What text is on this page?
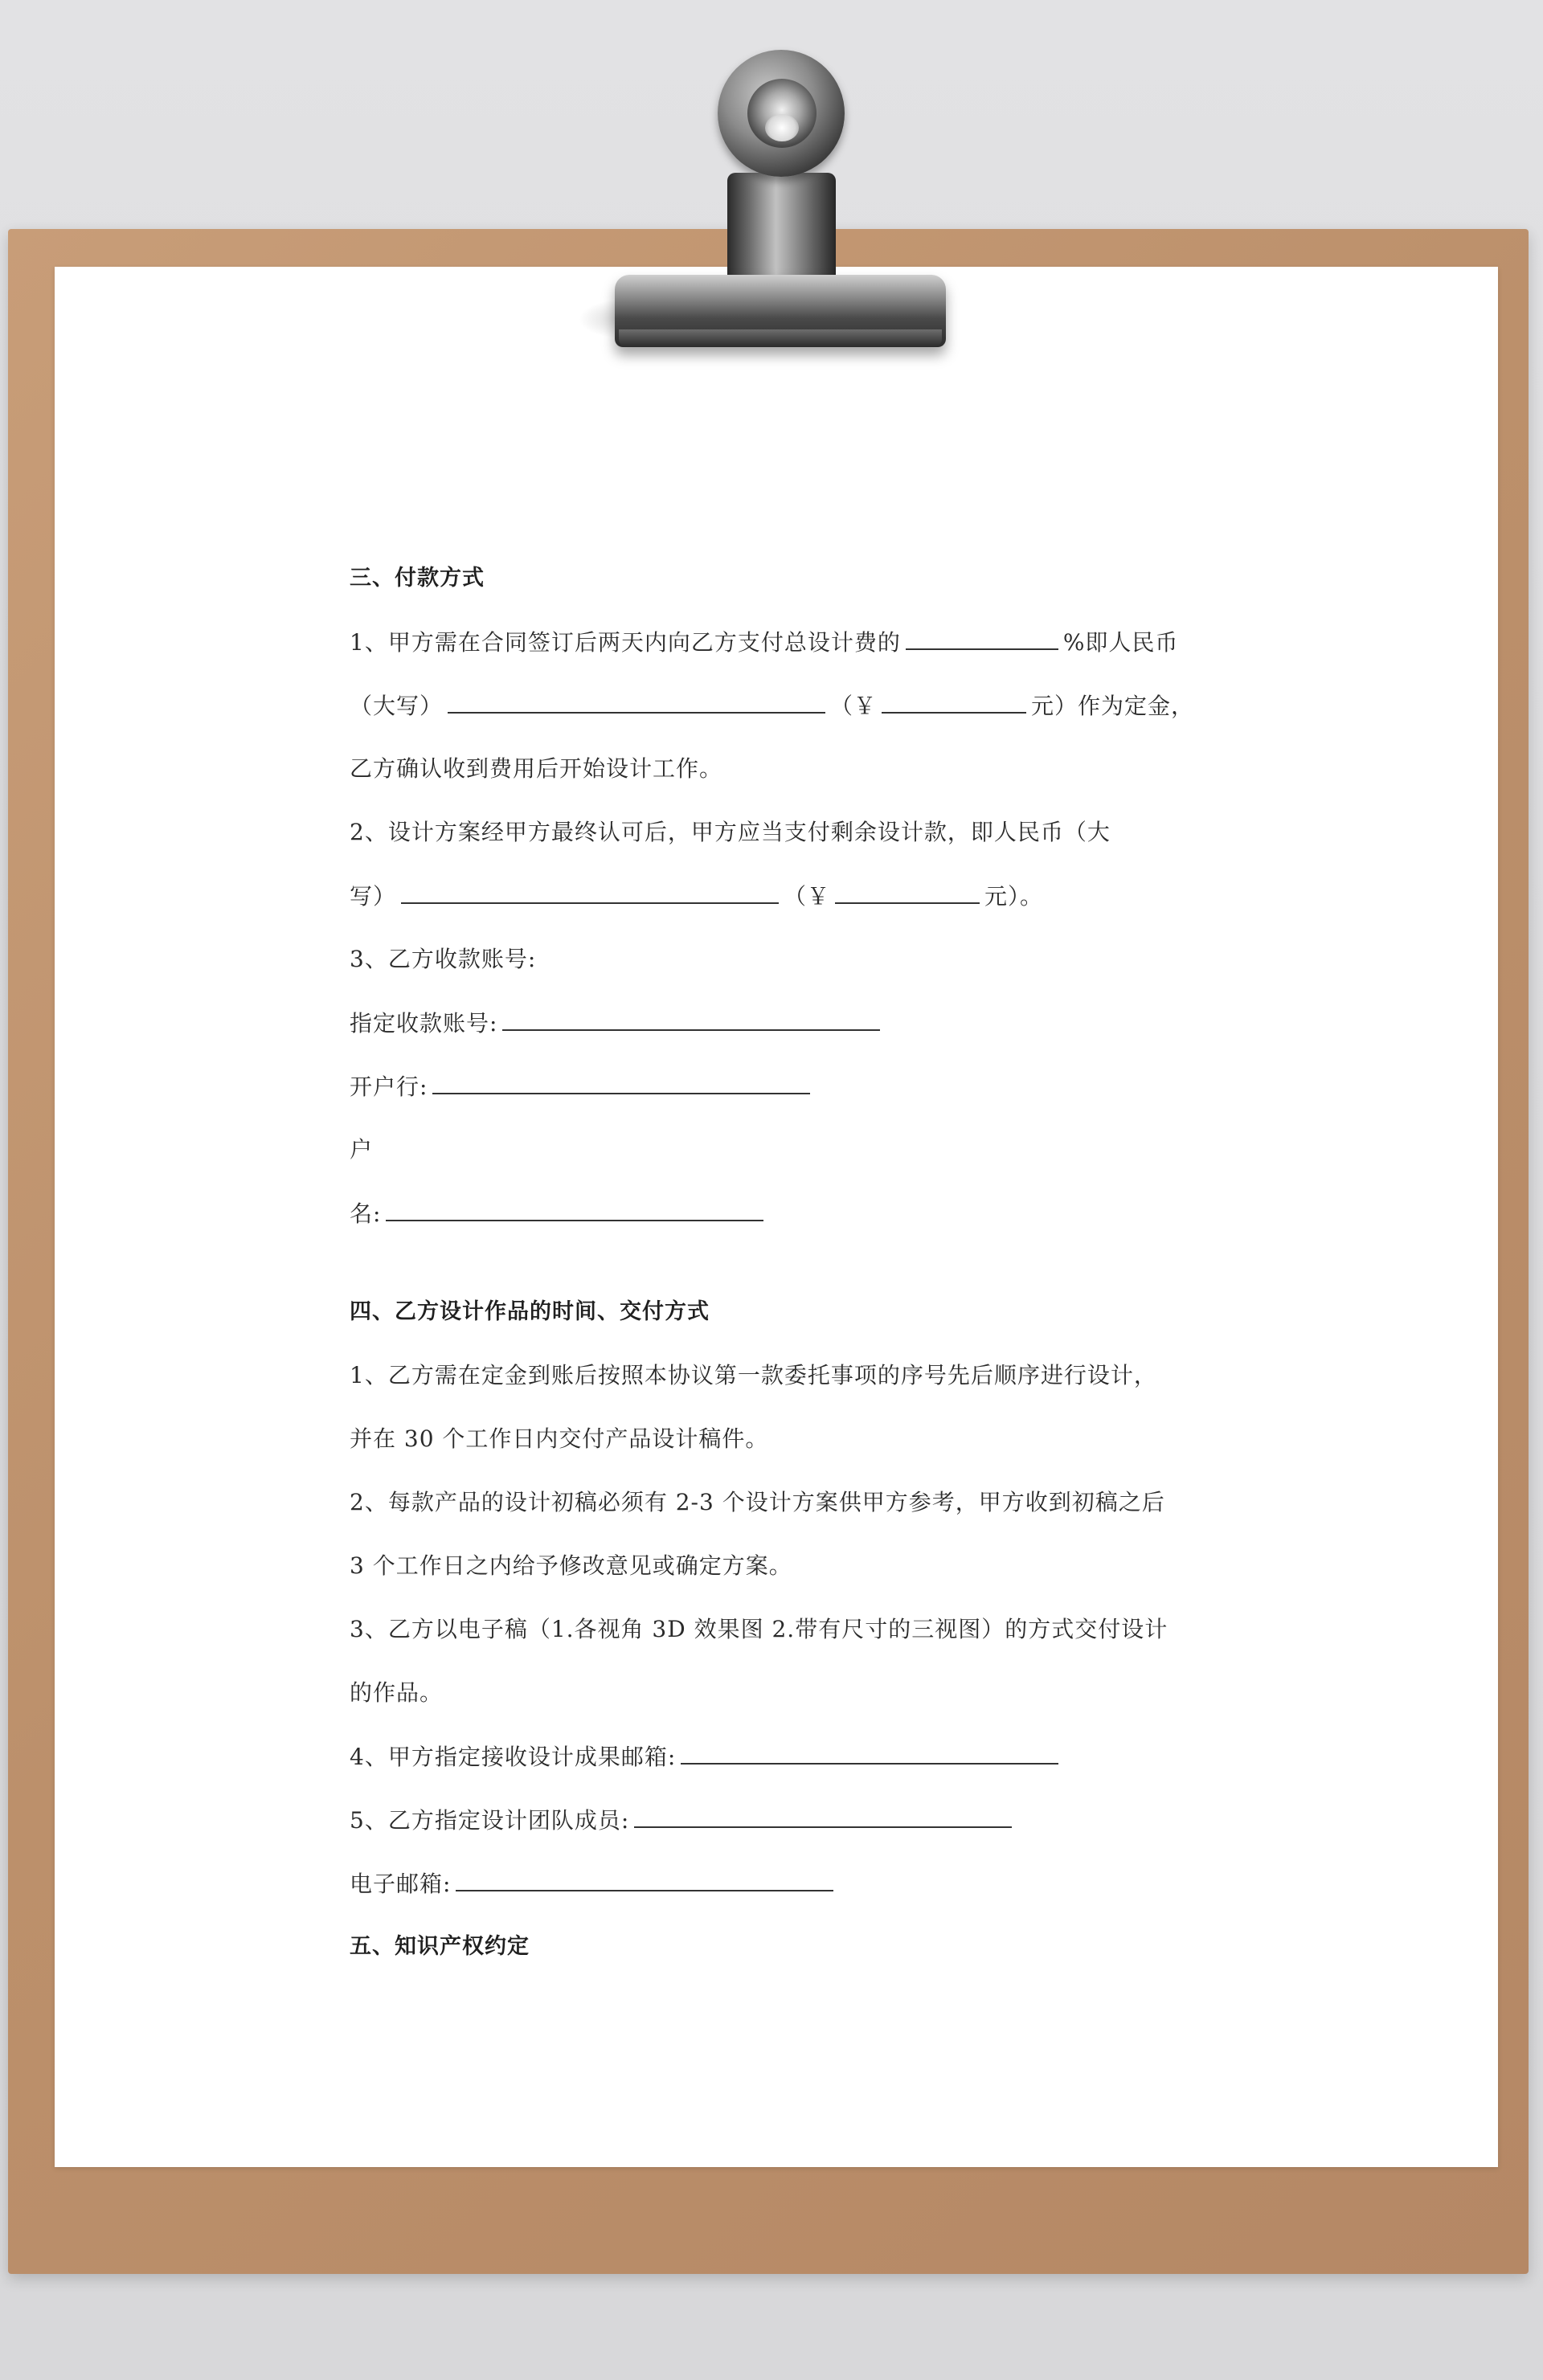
三、付款方式
1、甲方需在合同签订后两天内向乙方支付总设计费的	%即人民币
（大写）	（￥	元）作为定金，
乙方确认收到费用后开始设计工作。
2、设计方案经甲方最终认可后，甲方应当支付剩余设计款，即人民币（大
写）	（￥	元）。
3、乙方收款账号:
指定收款账号:
开户行:
户
名:
四、乙方设计作品的时间、交付方式
1、乙方需在定金到账后按照本协议第一款委托事项的序号先后顺序进行设计，
并在 30 个工作日内交付产品设计稿件。
2、每款产品的设计初稿必须有 2-3 个设计方案供甲方参考，甲方收到初稿之后
3 个工作日之内给予修改意见或确定方案。
3、乙方以电子稿（1.各视角 3D 效果图 2.带有尺寸的三视图）的方式交付设计
的作品。
4、甲方指定接收设计成果邮箱:
5、乙方指定设计团队成员:
电子邮箱:
五、知识产权约定
